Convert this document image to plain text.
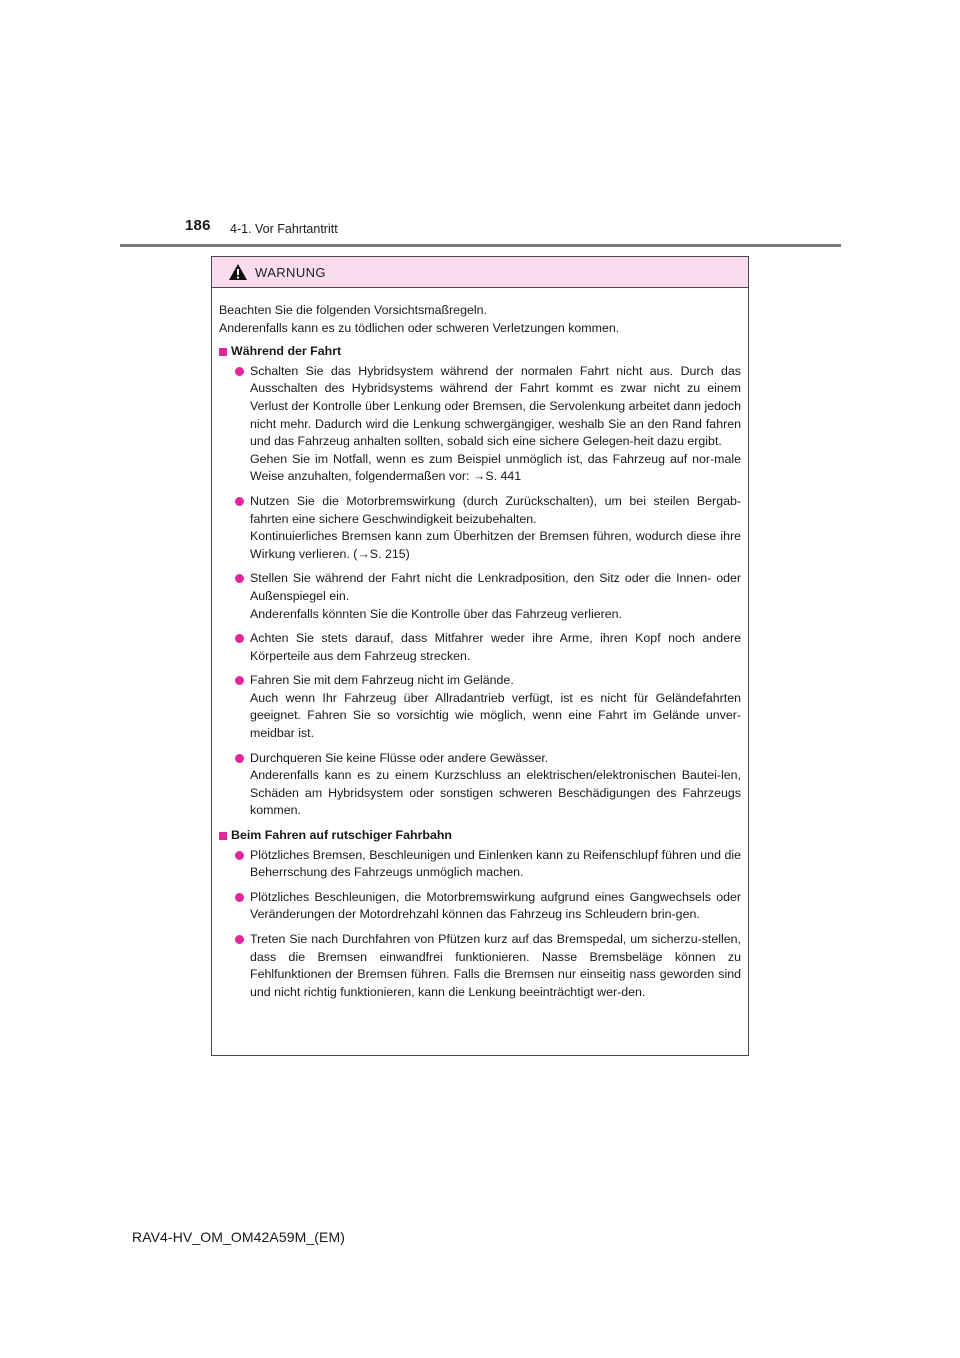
186 4-1. Vor Fahrtantritt
WARNUNG

Beachten Sie die folgenden Vorsichtsmaßregeln.

Anderenfalls kann es zu tödlichen oder schweren Verletzungen kommen.

Während der Fahrt

Schalten Sie das Hybridsystem während der normalen Fahrt nicht aus. Durch das Ausschalten des Hybridsystems während der Fahrt kommt es zwar nicht zu einem Verlust der Kontrolle über Lenkung oder Bremsen, die Servolenkung arbeitet dann jedoch nicht mehr. Dadurch wird die Lenkung schwergängiger, weshalb Sie an den Rand fahren und das Fahrzeug anhalten sollten, sobald sich eine sichere Gelegen-heit dazu ergibt.

Gehen Sie im Notfall, wenn es zum Beispiel unmöglich ist, das Fahrzeug auf nor-male Weise anzuhalten, folgendermaßen vor: →S. 441

Nutzen Sie die Motorbremswirkung (durch Zurückschalten), um bei steilen Bergab-fahrten eine sichere Geschwindigkeit beizubehalten.

Kontinuierliches Bremsen kann zum Überhitzen der Bremsen führen, wodurch diese ihre Wirkung verlieren. (→S. 215)

Stellen Sie während der Fahrt nicht die Lenkradposition, den Sitz oder die Innen- oder Außenspiegel ein.

Anderenfalls könnten Sie die Kontrolle über das Fahrzeug verlieren.

Achten Sie stets darauf, dass Mitfahrer weder ihre Arme, ihren Kopf noch andere Körperteile aus dem Fahrzeug strecken.

Fahren Sie mit dem Fahrzeug nicht im Gelände.

Auch wenn Ihr Fahrzeug über Allradantrieb verfügt, ist es nicht für Geländefahrten geeignet. Fahren Sie so vorsichtig wie möglich, wenn eine Fahrt im Gelände unver-meidbar ist.

Durchqueren Sie keine Flüsse oder andere Gewässer.

Anderenfalls kann es zu einem Kurzschluss an elektrischen/elektronischen Bautei-len, Schäden am Hybridsystem oder sonstigen schweren Beschädigungen des Fahrzeugs kommen.

Beim Fahren auf rutschiger Fahrbahn

Plötzliches Bremsen, Beschleunigen und Einlenken kann zu Reifenschlupf führen und die Beherrschung des Fahrzeugs unmöglich machen.

Plötzliches Beschleunigen, die Motorbremswirkung aufgrund eines Gangwechsels oder Veränderungen der Motordrehzahl können das Fahrzeug ins Schleudern brin-gen.

Treten Sie nach Durchfahren von Pfützen kurz auf das Bremspedal, um sicherzu-stellen, dass die Bremsen einwandfrei funktionieren. Nasse Bremsbeläge können zu Fehlfunktionen der Bremsen führen. Falls die Bremsen nur einseitig nass geworden sind und nicht richtig funktionieren, kann die Lenkung beeinträchtigt wer-den.

RAV4-HV_OM_OM42A59M_(EM)
